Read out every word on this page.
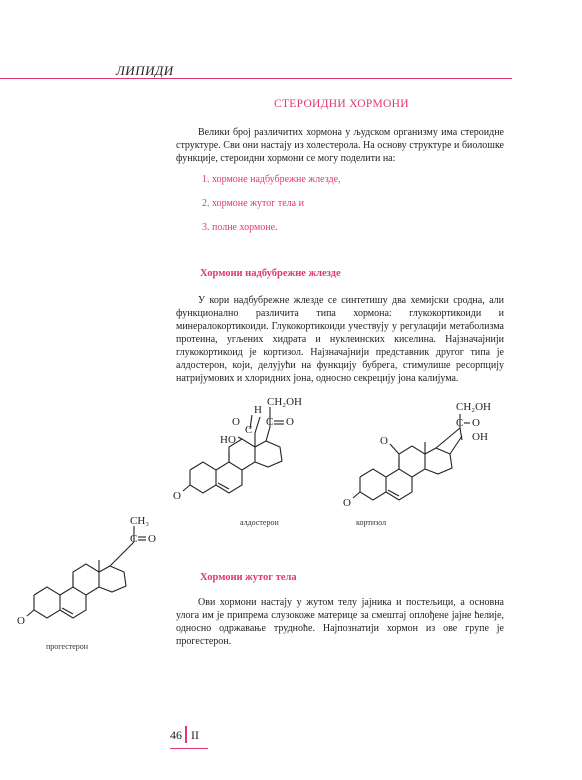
ЛИПИДИ
СТЕРОИДНИ ХОРМОНИ
Велики број различитих хормона у људском организму има стероидне структуре. Сви они настају из холестерола. На основу структуре и биолошке функције, стероидни хормони се могу поделити на:
1. хормоне надбубрежне жлезде,
2. хормоне жутог тела и
3. полне хормоне.
Хормони надбубрежне жлезде
У кори надбубрежне жлезде се синтетишу два хемијски сродна, али функционално различита типа хормона: глукокортикоиди и минералокортикоиди. Глукокортикоиди учествују у регулацији метаболизма протеина, угљених хидрата и нуклеинских киселина. Најзначајнији глукокортикоид је кортизол. Најзначајнији представник другог типа је алдостерон, који, делујући на функцију бубрега, стимулише ресорпцију натријумових и хлоридних јона, односно секрецију јона калијума.
CH₂OH
O
C
H
O
C
HO
O
алдостерон
CH₂OH
C O
OH
O
O
кортизол
CH₃
C O
O
прогестерон
Хормони жутог тела
Ови хормони настају у жутом телу јајника и постељици, а основна улога им је припрема слузокоже материце за смештај оплођене јајне ћелије, односно одржавање трудноће. Најпознатији хормон из ове групе је прогестерон.
46 II
